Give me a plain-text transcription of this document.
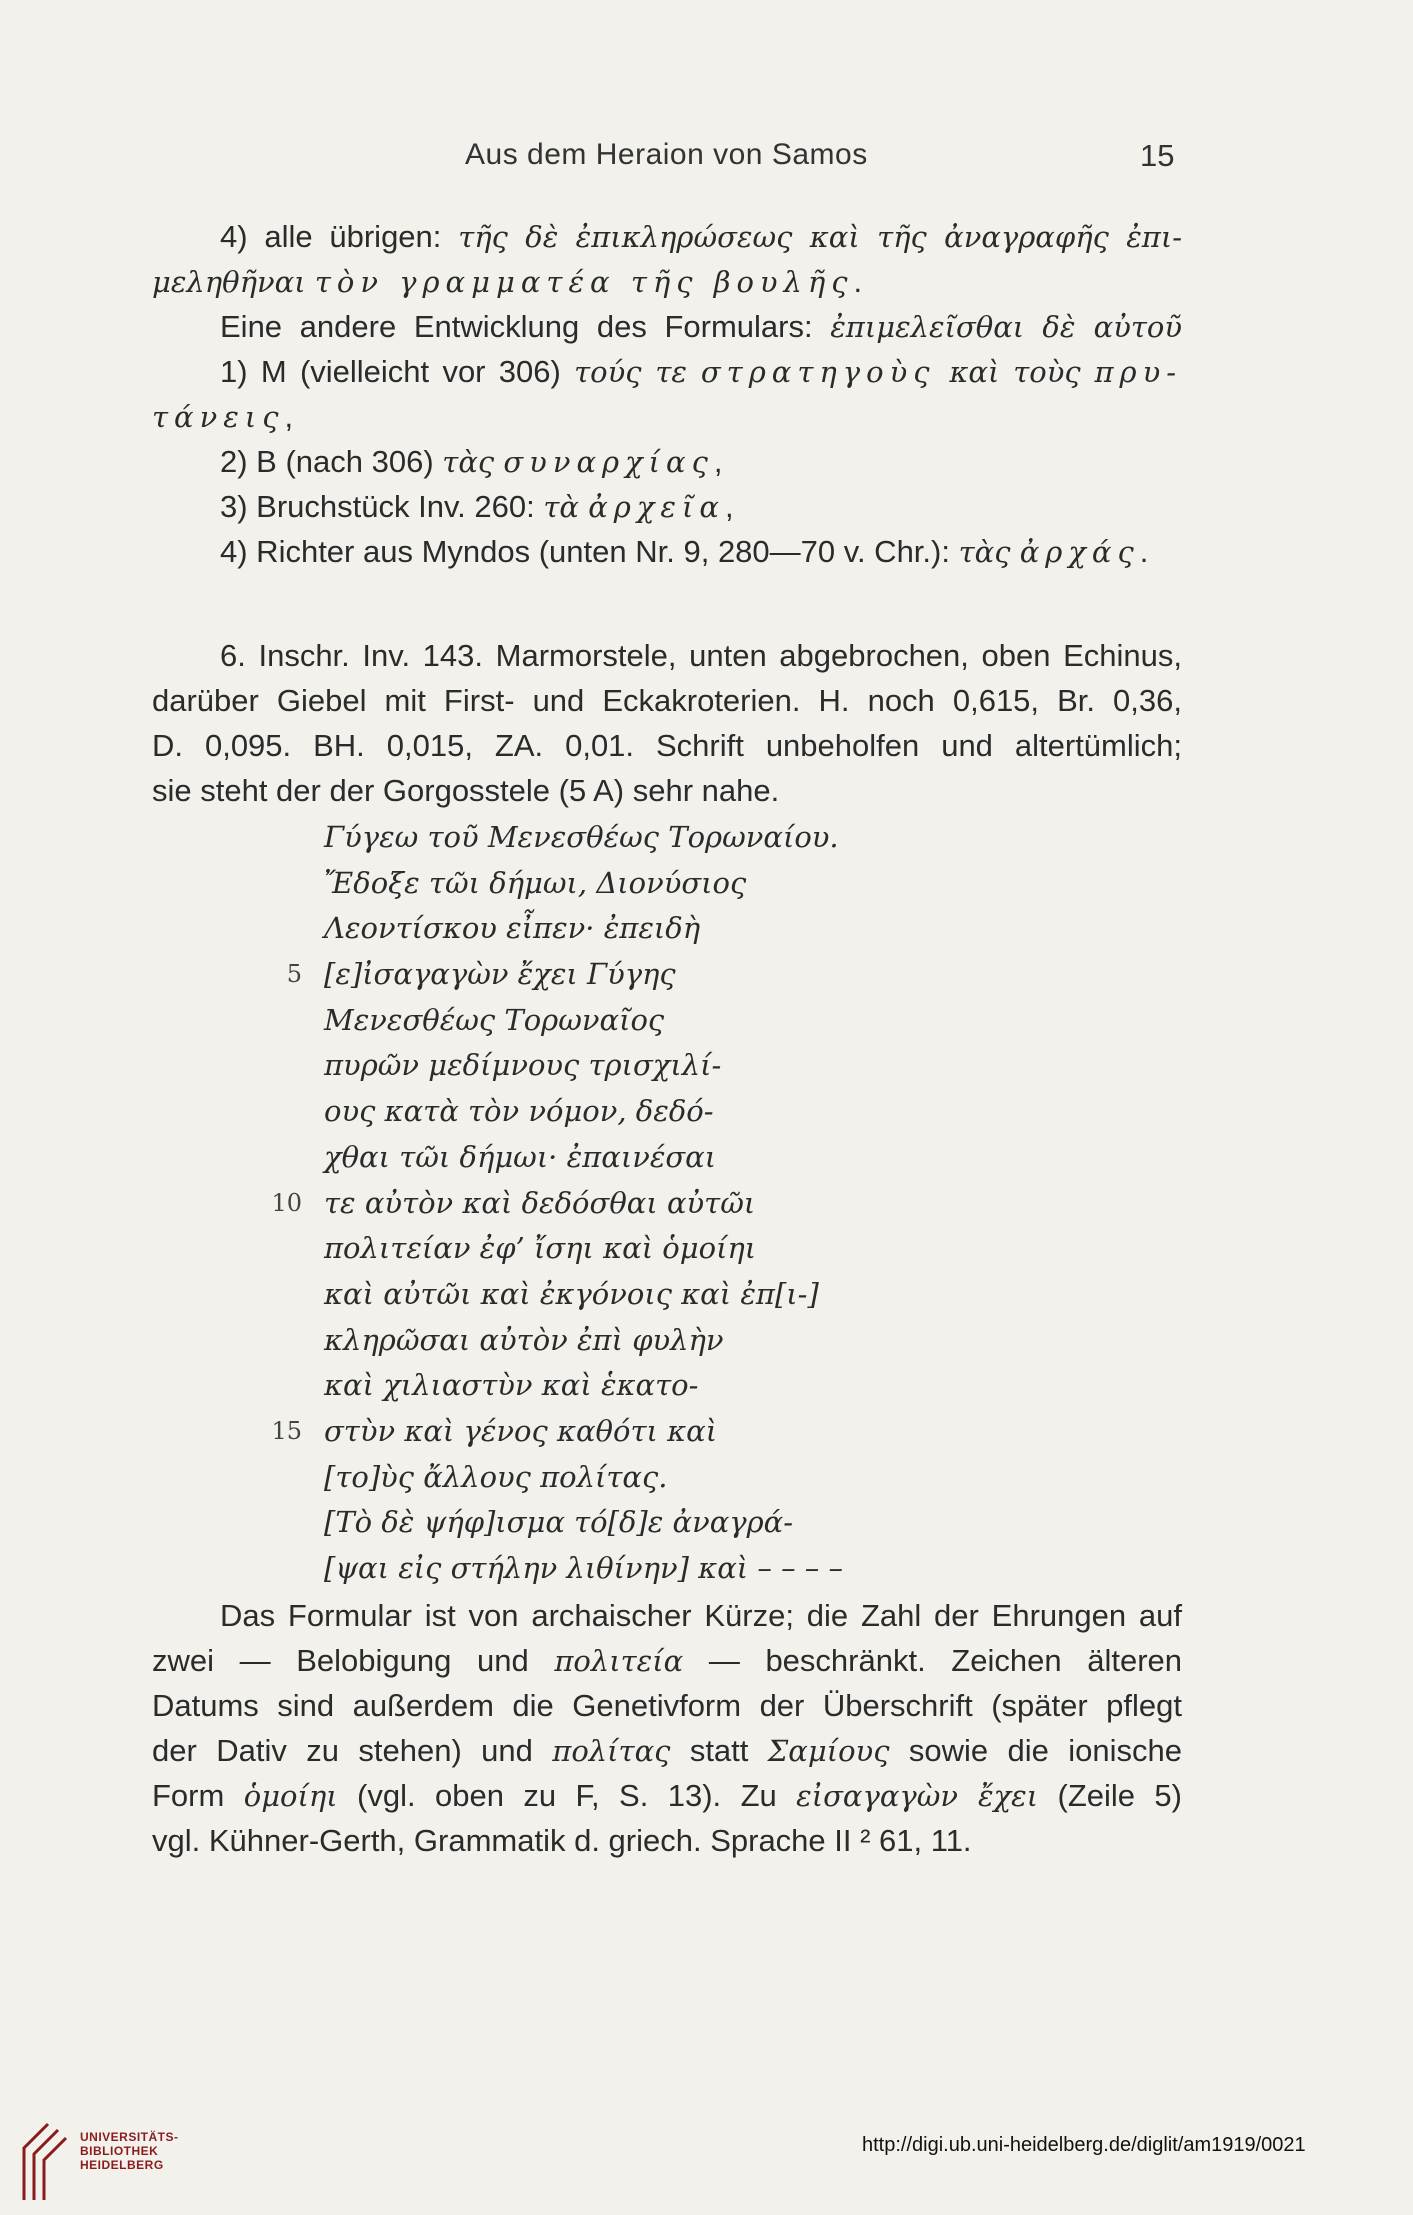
Aus dem Heraion von Samos	15
4) alle übrigen: τῆς δὲ ἐπικληρώσεως καὶ τῆς ἀναγραφῆς ἐπι-
μεληθῆναι τὸν γραμματέα τῆς βουλῆς.
Eine andere Entwicklung des Formulars: ἐπιμελεῖσθαι δὲ αὐτοῦ
1) M (vielleicht vor 306) τούς τε στρατηγοὺς καὶ τοὺς πρυ-
τάνεις,
2) B (nach 306) τὰς συναρχίας,
3) Bruchstück Inv. 260: τὰ ἀρχεῖα,
4) Richter aus Myndos (unten Nr. 9, 280—70 v. Chr.): τὰς ἀρχάς.
6. Inschr. Inv. 143. Marmorstele, unten abgebrochen, oben Echinus,
darüber Giebel mit First- und Eckakroterien. H. noch 0,615, Br. 0,36,
D. 0,095. BH. 0,015, ZA. 0,01. Schrift unbeholfen und altertümlich;
sie steht der der Gorgosstele (5 A) sehr nahe.
Γύγεω τοῦ Μενεσθέως Τορωναίου.
Ἔδοξε τῶι δήμωι, Διονύσιος
Λεοντίσκου εἶπεν· ἐπειδὴ
5 [ε]ἰσαγαγὼν ἔχει Γύγης
Μενεσθέως Τορωναῖος
πυρῶν μεδίμνους τρισχιλί-
ους κατὰ τὸν νόμον, δεδό-
χθαι τῶι δήμωι· ἐπαινέσαι
10 τε αὐτὸν καὶ δεδόσθαι αὐτῶι
πολιτείαν ἐφ’ ἴσηι καὶ ὁμοίηι
καὶ αὐτῶι καὶ ἐκγόνοις καὶ ἐπ[ι-]
κληρῶσαι αὐτὸν ἐπὶ φυλὴν
καὶ χιλιαστὺν καὶ ἑκατο-
15 στὺν καὶ γένος καθότι καὶ
[το]ὺς ἄλλους πολίτας.
[Τὸ δὲ ψήφ]ισμα τό[δ]ε ἀναγρά-
[ψαι εἰς στήλην λιθίνην] καὶ – – – –
Das Formular ist von archaischer Kürze; die Zahl der Ehrungen auf
zwei — Belobigung und πολιτεία — beschränkt. Zeichen älteren
Datums sind außerdem die Genetivform der Überschrift (später pflegt
der Dativ zu stehen) und πολίτας statt Σαμίους sowie die ionische
Form ὁμοίηι (vgl. oben zu F, S. 13). Zu εἰσαγαγὼν ἔχει (Zeile 5)
vgl. Kühner-Gerth, Grammatik d. griech. Sprache II ² 61, 11.
UNIVERSITÄTS-
BIBLIOTHEK
HEIDELBERG
http://digi.ub.uni-heidelberg.de/diglit/am1919/0021
